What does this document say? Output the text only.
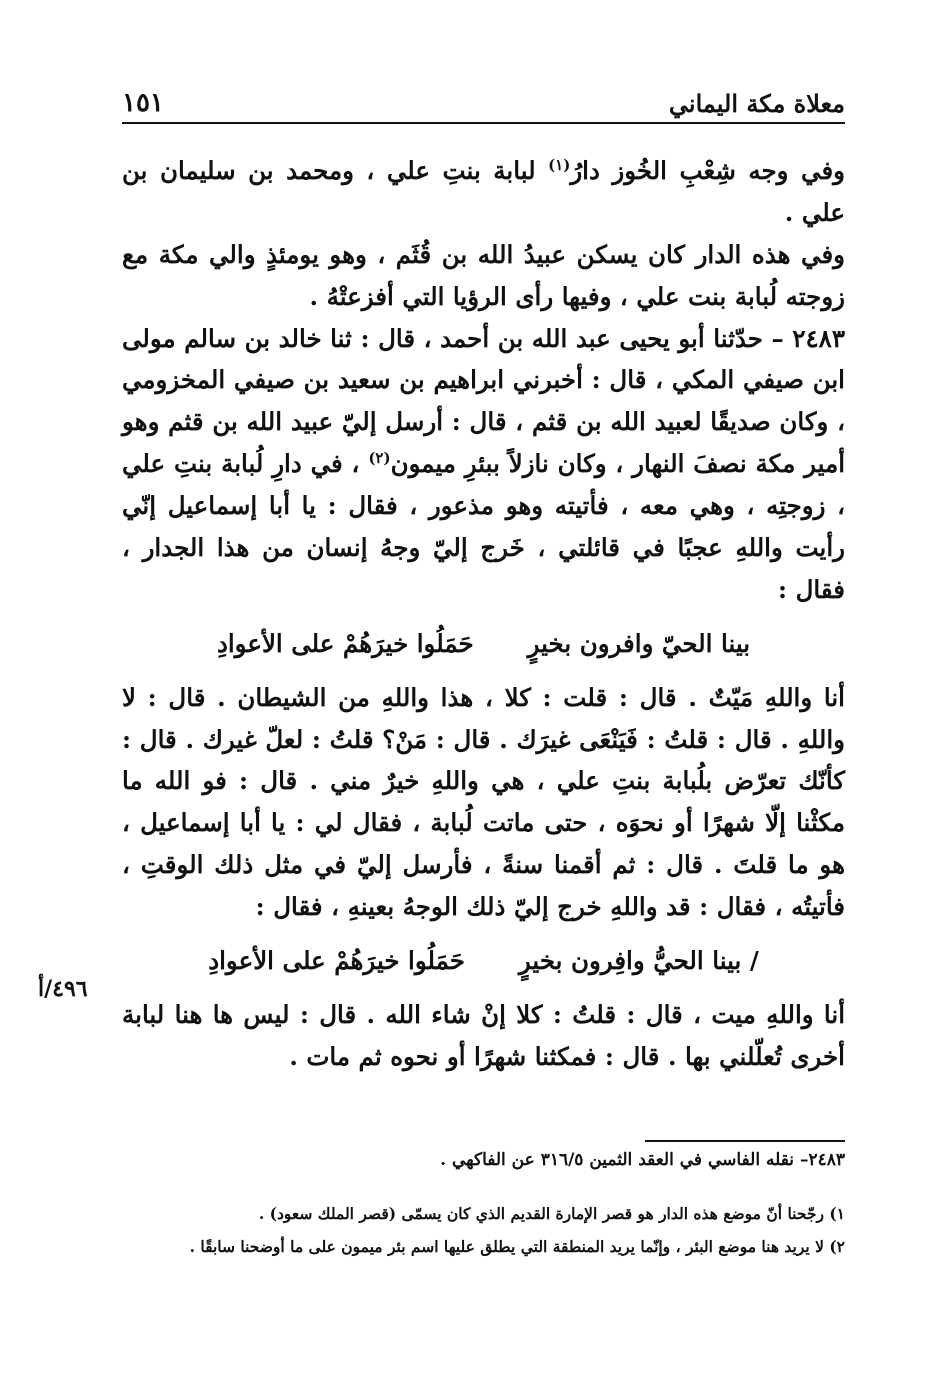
معلاة مكة اليماني
١٥١

وفي وجه شِعْبِ الخُوز دارُ$^{(١)}$ لبابة بنتِ علي ، ومحمد بن سليمان بن علي .

وفي هذه الدار كان يسكن عبيدُ الله بن قُثَم ، وهو يومئذٍ والي مكة مع زوجته لُبابة بنت علي ، وفيها رأى الرؤيا التي أفزعتْهُ .

٢٤٨٣ – حدّثنا أبو يحيى عبد الله بن أحمد ، قال : ثنا خالد بن سالم مولى ابن صيفي المكي ، قال : أخبرني ابراهيم بن سعيد بن صيفي المخزومي ، وكان صديقًا لعبيد الله بن قثم ، قال : أرسل إليّ عبيد الله بن قثم وهو أمير مكة نصفَ النهار ، وكان نازلاً ببئرِ ميمون$^{(٢)}$ ، في دارِ لُبابة بنتِ علي ، زوجتِه ، وهي معه ، فأتيته وهو مذعور ، فقال : يا أبا إسماعيل إنّي رأيت واللهِ عجبًا في قائلتي ، خَرج إليّ وجهُ إنسان من هذا الجدار ، فقال :

بينا الحيّ وافرون بخيرٍ
حَمَلُوا خيرَهُمْ على الأعوادِ

أنا واللهِ مَيّتٌ . قال : قلت : كلا ، هذا واللهِ من الشيطان . قال : لا واللهِ . قال : قلتُ : فَيَنْعَى غيرَك . قال : مَنْ؟ قلتُ : لعلّ غيرك . قال : كأنّك تعرّض بلُبابة بنتِ علي ، هي واللهِ خيرٌ مني . قال : فو الله ما مكثْنا إلّا شهرًا أو نحوَه ، حتى ماتت لُبابة ، فقال لي : يا أبا إسماعيل ، هو ما قلتَ . قال : ثم أقمنا سنةً ، فأرسل إليّ في مثل ذلك الوقتِ ، فأتيتُه ، فقال : قد واللهِ خرج إليّ ذلك الوجهُ بعينهِ ، فقال :

/ بينا الحيُّ وافِرون بخيرٍ
حَمَلُوا خيرَهُمْ على الأعوادِ

أنا واللهِ ميت ، قال : قلتُ : كلا إنْ شاء الله . قال : ليس ها هنا لبابة أخرى تُعلّلني بها . قال : فمكثنا شهرًا أو نحوه ثم مات .

٤٩٦/أ
٢٤٨٣– نقله الفاسي في العقد الثمين ٣١٦/٥ عن الفاكهي .

١) رجّحنا أنّ موضع هذه الدار هو قصر الإمارة القديم الذي كان يسمّى (قصر الملك سعود) .

٢) لا يريد هنا موضع البئر ، وإنّما يريد المنطقة التي يطلق عليها اسم بئر ميمون على ما أوضحنا سابقًا .
